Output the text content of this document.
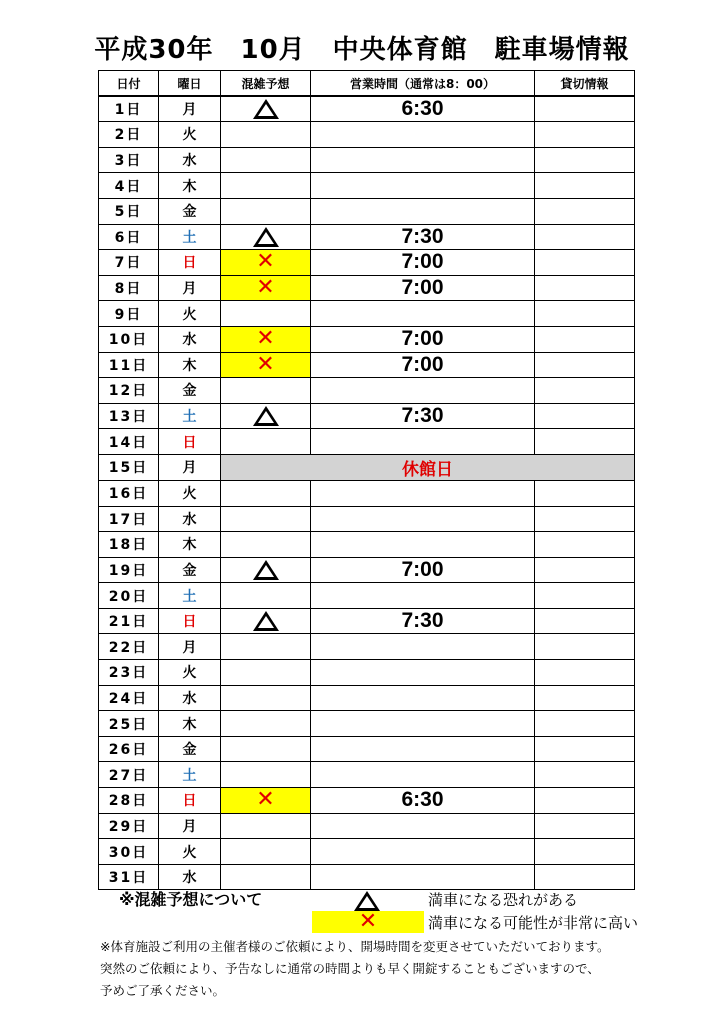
平成30年　10月　中央体育館　駐車場情報
日付	曜日	混雑予想	営業時間（通常は8：00）	貸切情報	
1日	月		6:30		
2日	火				
3日	水				
4日	木				
5日	金				
6日	土		7:30		
7日	日	✕	7:00		
8日	月	✕	7:00		
9日	火				
10日	水	✕	7:00		
11日	木	✕	7:00		
12日	金				
13日	土		7:30		
14日	日				
15日	月	休館日			
16日	火				
17日	水				
18日	木				
19日	金		7:00		
20日	土				
21日	日		7:30		
22日	月				
23日	火				
24日	水				
25日	木				
26日	金				
27日	土				
28日	日	✕	6:30		
29日	月				
30日	火				
31日	水				
※混雑予想について	満車になる恐れがある
✕	満車になる可能性が非常に高い
※体育施設ご利用の主催者様のご依頼により、開場時間を変更させていただいております。
突然のご依頼により、予告なしに通常の時間よりも早く開錠することもございますので、
予めご了承ください。
